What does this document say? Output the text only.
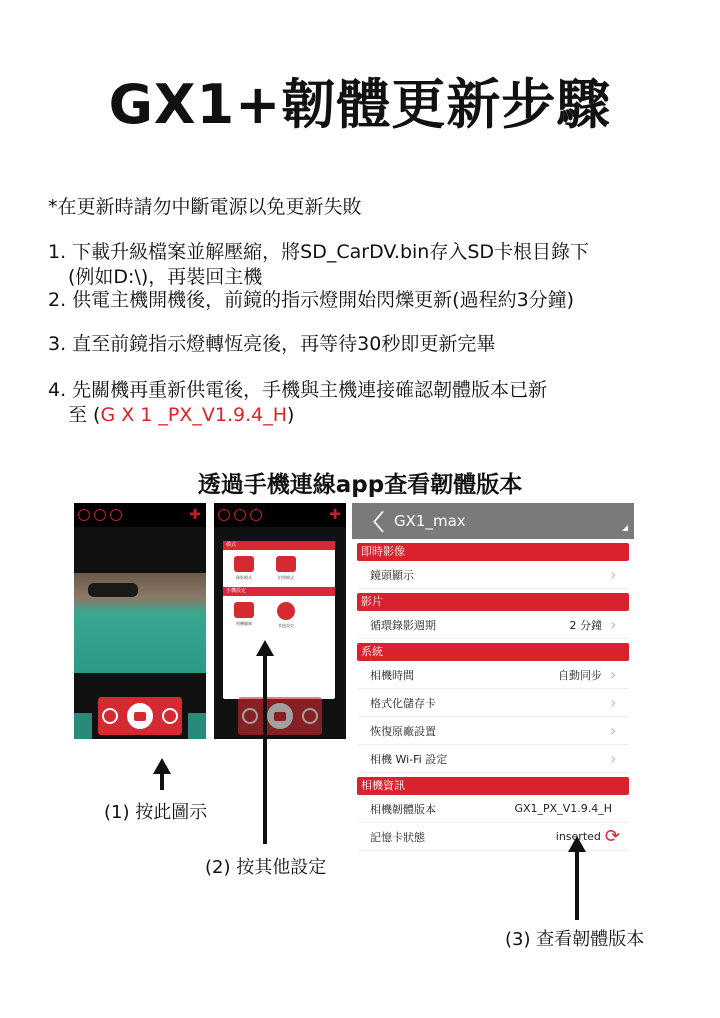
GX1+韌體更新步驟
*在更新時請勿中斷電源以免更新失敗
1. 下載升級檔案並解壓縮，將SD_CarDV.bin存入SD卡根目錄下
(例如D:\)，再裝回主機
2. 供電主機開機後，前鏡的指示燈開始閃爍更新(過程約3分鐘)
3. 直至前鏡指示燈轉恆亮後，再等待30秒即更新完畢
4. 先關機再重新供電後，手機與主機連接確認韌體版本已新
至 (G X 1 _PX_V1.9.4_H)
透過手機連線app查看韌體版本
✚	✚
模式
錄影模式	拍照模式
手機設定
相機圖庫	其他設定
〈 GX1_max	◢
即時影像
鏡頭顯示	›
影片
循環錄影週期	2 分鐘 ›
系統
相機時間	自動同步 ›
格式化儲存卡	›
恢復原廠設置	›
相機 Wi-Fi 設定	›
相機資訊
相機韌體版本	GX1_PX_V1.9.4_H
記憶卡狀態	inserted ⟳
(1) 按此圖示
(2) 按其他設定
(3) 查看韌體版本
